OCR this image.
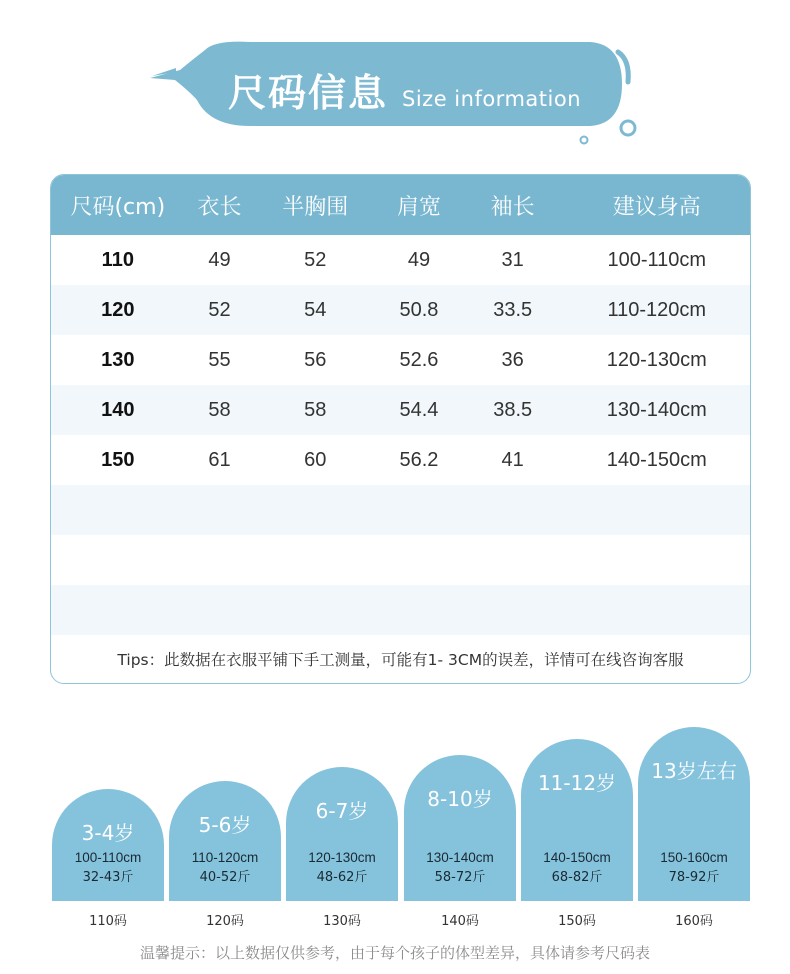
尺码信息 Size information
尺码(cm)	衣长	半胸围	肩宽	袖长	建议身高
110	49	52	49	31	100-110cm
120	52	54	50.8	33.5	110-120cm
130	55	56	52.6	36	120-130cm
140	58	58	54.4	38.5	130-140cm
150	61	60	56.2	41	140-150cm
Tips：此数据在衣服平铺下手工测量，可能有1- 3CM的误差，详情可在线咨询客服
3-4岁
100-110cm
32-43斤
5-6岁
110-120cm
40-52斤
6-7岁
120-130cm
48-62斤
8-10岁
130-140cm
58-72斤
11-12岁
140-150cm
68-82斤
13岁左右
150-160cm
78-92斤
110码	120码	130码	140码	150码	160码
温馨提示：以上数据仅供参考，由于每个孩子的体型差异，具体请参考尺码表
